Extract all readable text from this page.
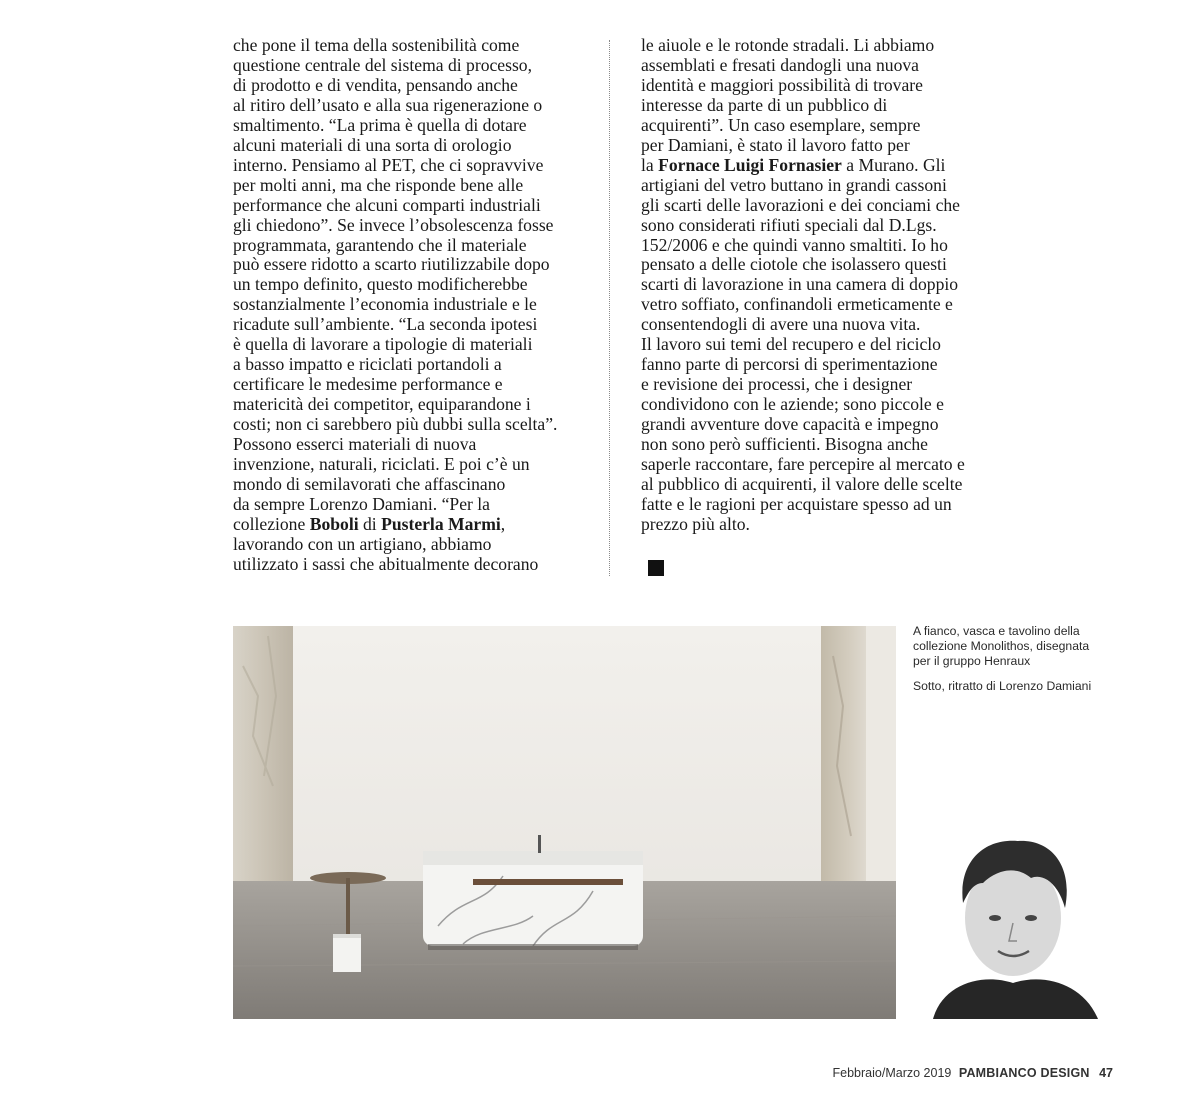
che pone il tema della sostenibilità come
questione centrale del sistema di processo,
di prodotto e di vendita, pensando anche
al ritiro dell’usato e alla sua rigenerazione o
smaltimento. “La prima è quella di dotare
alcuni materiali di una sorta di orologio
interno. Pensiamo al PET, che ci sopravvive
per molti anni, ma che risponde bene alle
performance che alcuni comparti industriali
gli chiedono”. Se invece l’obsolescenza fosse
programmata, garantendo che il materiale
può essere ridotto a scarto riutilizzabile dopo
un tempo definito, questo modificherebbe
sostanzialmente l’economia industriale e le
ricadute sull’ambiente. “La seconda ipotesi
è quella di lavorare a tipologie di materiali
a basso impatto e riciclati portandoli a
certificare le medesime performance e
matericità dei competitor, equiparandone i
costi; non ci sarebbero più dubbi sulla scelta”.
Possono esserci materiali di nuova
invenzione, naturali, riciclati. E poi c’è un
mondo di semilavorati che affascinano
da sempre Lorenzo Damiani. “Per la
collezione Boboli di Pusterla Marmi,
lavorando con un artigiano, abbiamo
utilizzato i sassi che abitualmente decorano
le aiuole e le rotonde stradali. Li abbiamo
assemblati e fresati dandogli una nuova
identità e maggiori possibilità di trovare
interesse da parte di un pubblico di
acquirenti”. Un caso esemplare, sempre
per Damiani, è stato il lavoro fatto per
la Fornace Luigi Fornasier a Murano. Gli
artigiani del vetro buttano in grandi cassoni
gli scarti delle lavorazioni e dei conciami che
sono considerati rifiuti speciali dal D.Lgs.
152/2006 e che quindi vanno smaltiti. Io ho
pensato a delle ciotole che isolassero questi
scarti di lavorazione in una camera di doppio
vetro soffiato, confinandoli ermeticamente e
consentendogli di avere una nuova vita.
Il lavoro sui temi del recupero e del riciclo
fanno parte di percorsi di sperimentazione
e revisione dei processi, che i designer
condividono con le aziende; sono piccole e
grandi avventure dove capacità e impegno
non sono però sufficienti. Bisogna anche
saperle raccontare, fare percepire al mercato e
al pubblico di acquirenti, il valore delle scelte
fatte e le ragioni per acquistare spesso ad un
prezzo più alto.
A fianco, vasca e tavolino della
collezione Monolithos, disegnata
per il gruppo Henraux
Sotto, ritratto di Lorenzo Damiani
Febbraio/Marzo 2019 PAMBIANCO DESIGN 47
